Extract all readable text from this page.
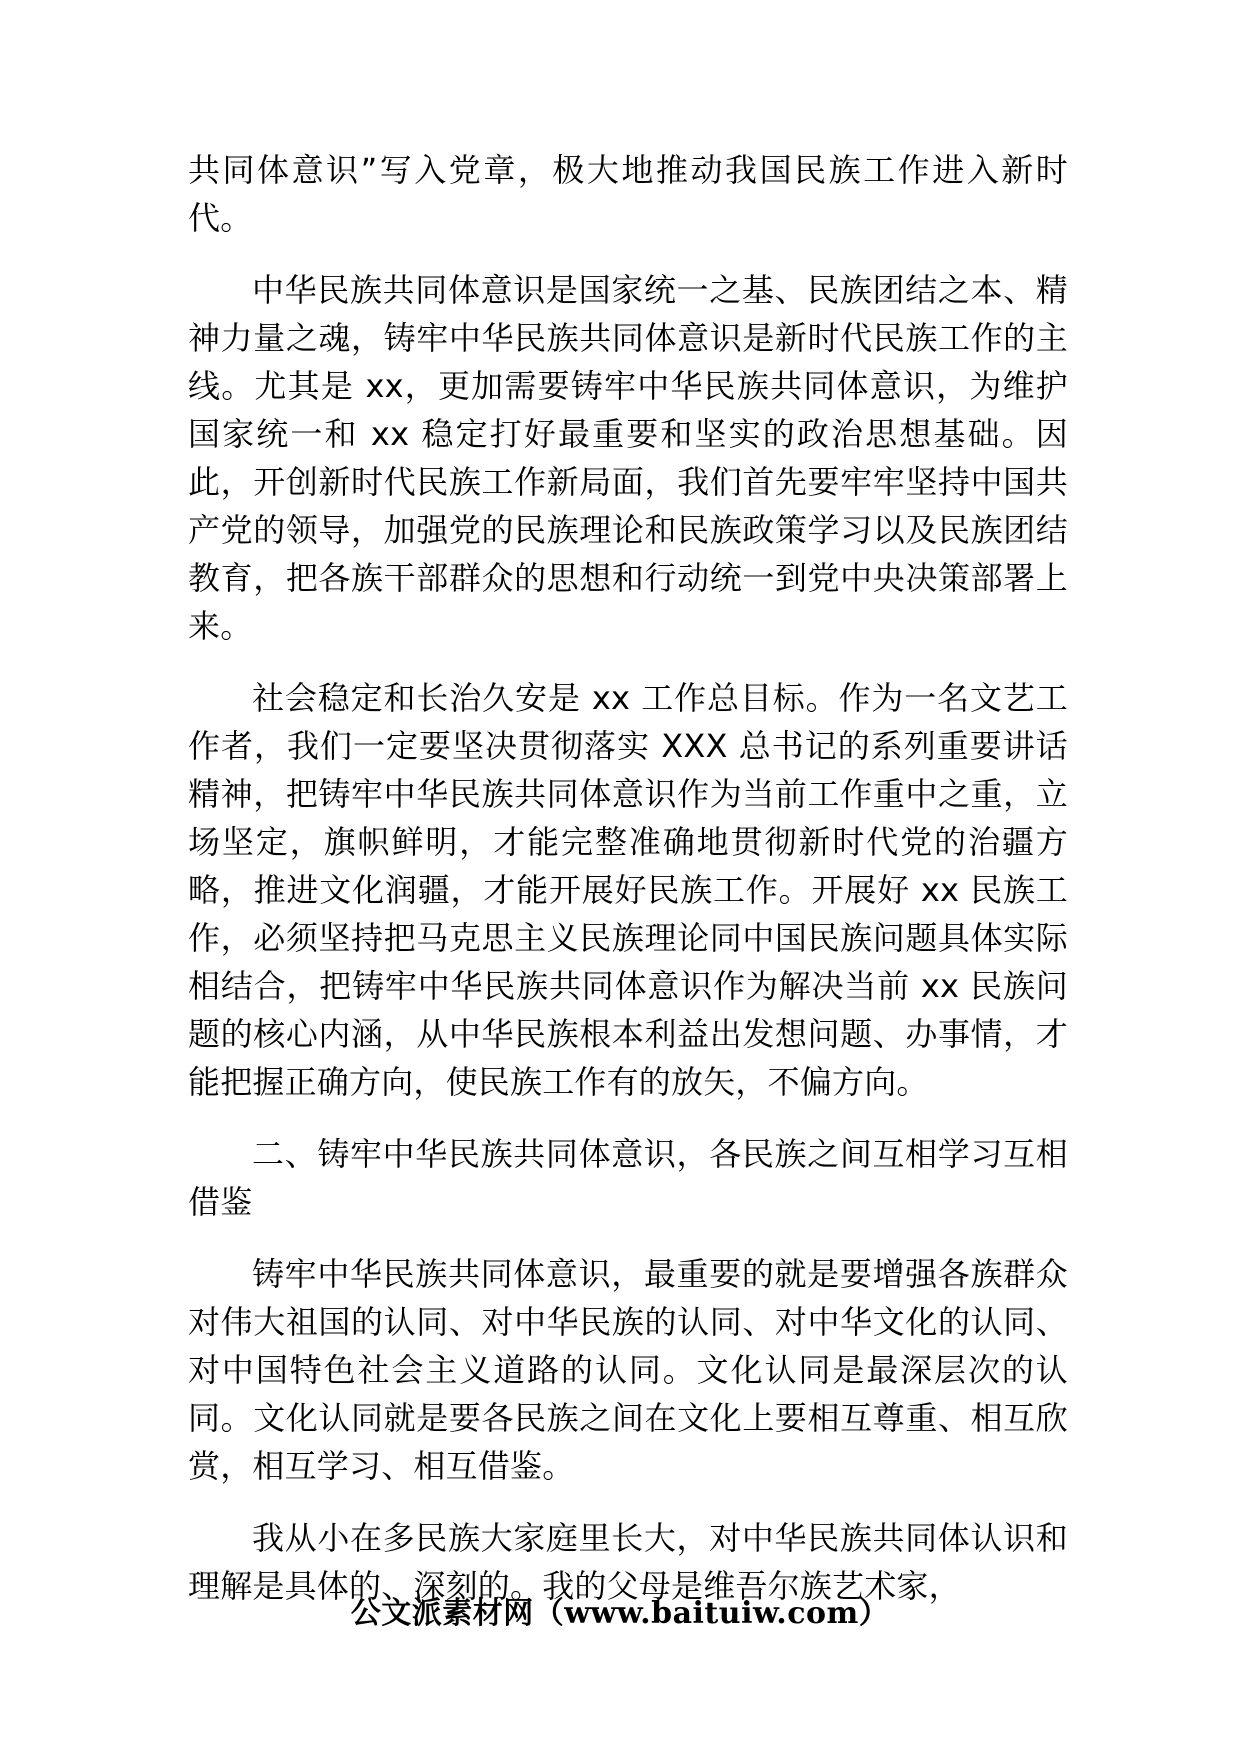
共同体意识”写入党章，极大地推动我国民族工作进入新时代。

中华民族共同体意识是国家统一之基、民族团结之本、精神力量之魂，铸牢中华民族共同体意识是新时代民族工作的主线。尤其是 xx，更加需要铸牢中华民族共同体意识，为维护国家统一和 xx 稳定打好最重要和坚实的政治思想基础。因此，开创新时代民族工作新局面，我们首先要牢牢坚持中国共产党的领导，加强党的民族理论和民族政策学习以及民族团结教育，把各族干部群众的思想和行动统一到党中央决策部署上来。

社会稳定和长治久安是 xx 工作总目标。作为一名文艺工作者，我们一定要坚决贯彻落实 XXX 总书记的系列重要讲话精神，把铸牢中华民族共同体意识作为当前工作重中之重，立场坚定，旗帜鲜明，才能完整准确地贯彻新时代党的治疆方略，推进文化润疆，才能开展好民族工作。开展好 xx 民族工作，必须坚持把马克思主义民族理论同中国民族问题具体实际相结合，把铸牢中华民族共同体意识作为解决当前 xx 民族问题的核心内涵，从中华民族根本利益出发想问题、办事情，才能把握正确方向，使民族工作有的放矢，不偏方向。

二、铸牢中华民族共同体意识，各民族之间互相学习互相借鉴

铸牢中华民族共同体意识，最重要的就是要增强各族群众对伟大祖国的认同、对中华民族的认同、对中华文化的认同、对中国特色社会主义道路的认同。文化认同是最深层次的认同。文化认同就是要各民族之间在文化上要相互尊重、相互欣赏，相互学习、相互借鉴。

我从小在多民族大家庭里长大，对中华民族共同体认识和理解是具体的、深刻的。我的父母是维吾尔族艺术家，

公文派素材网（www.baituiw.com）
